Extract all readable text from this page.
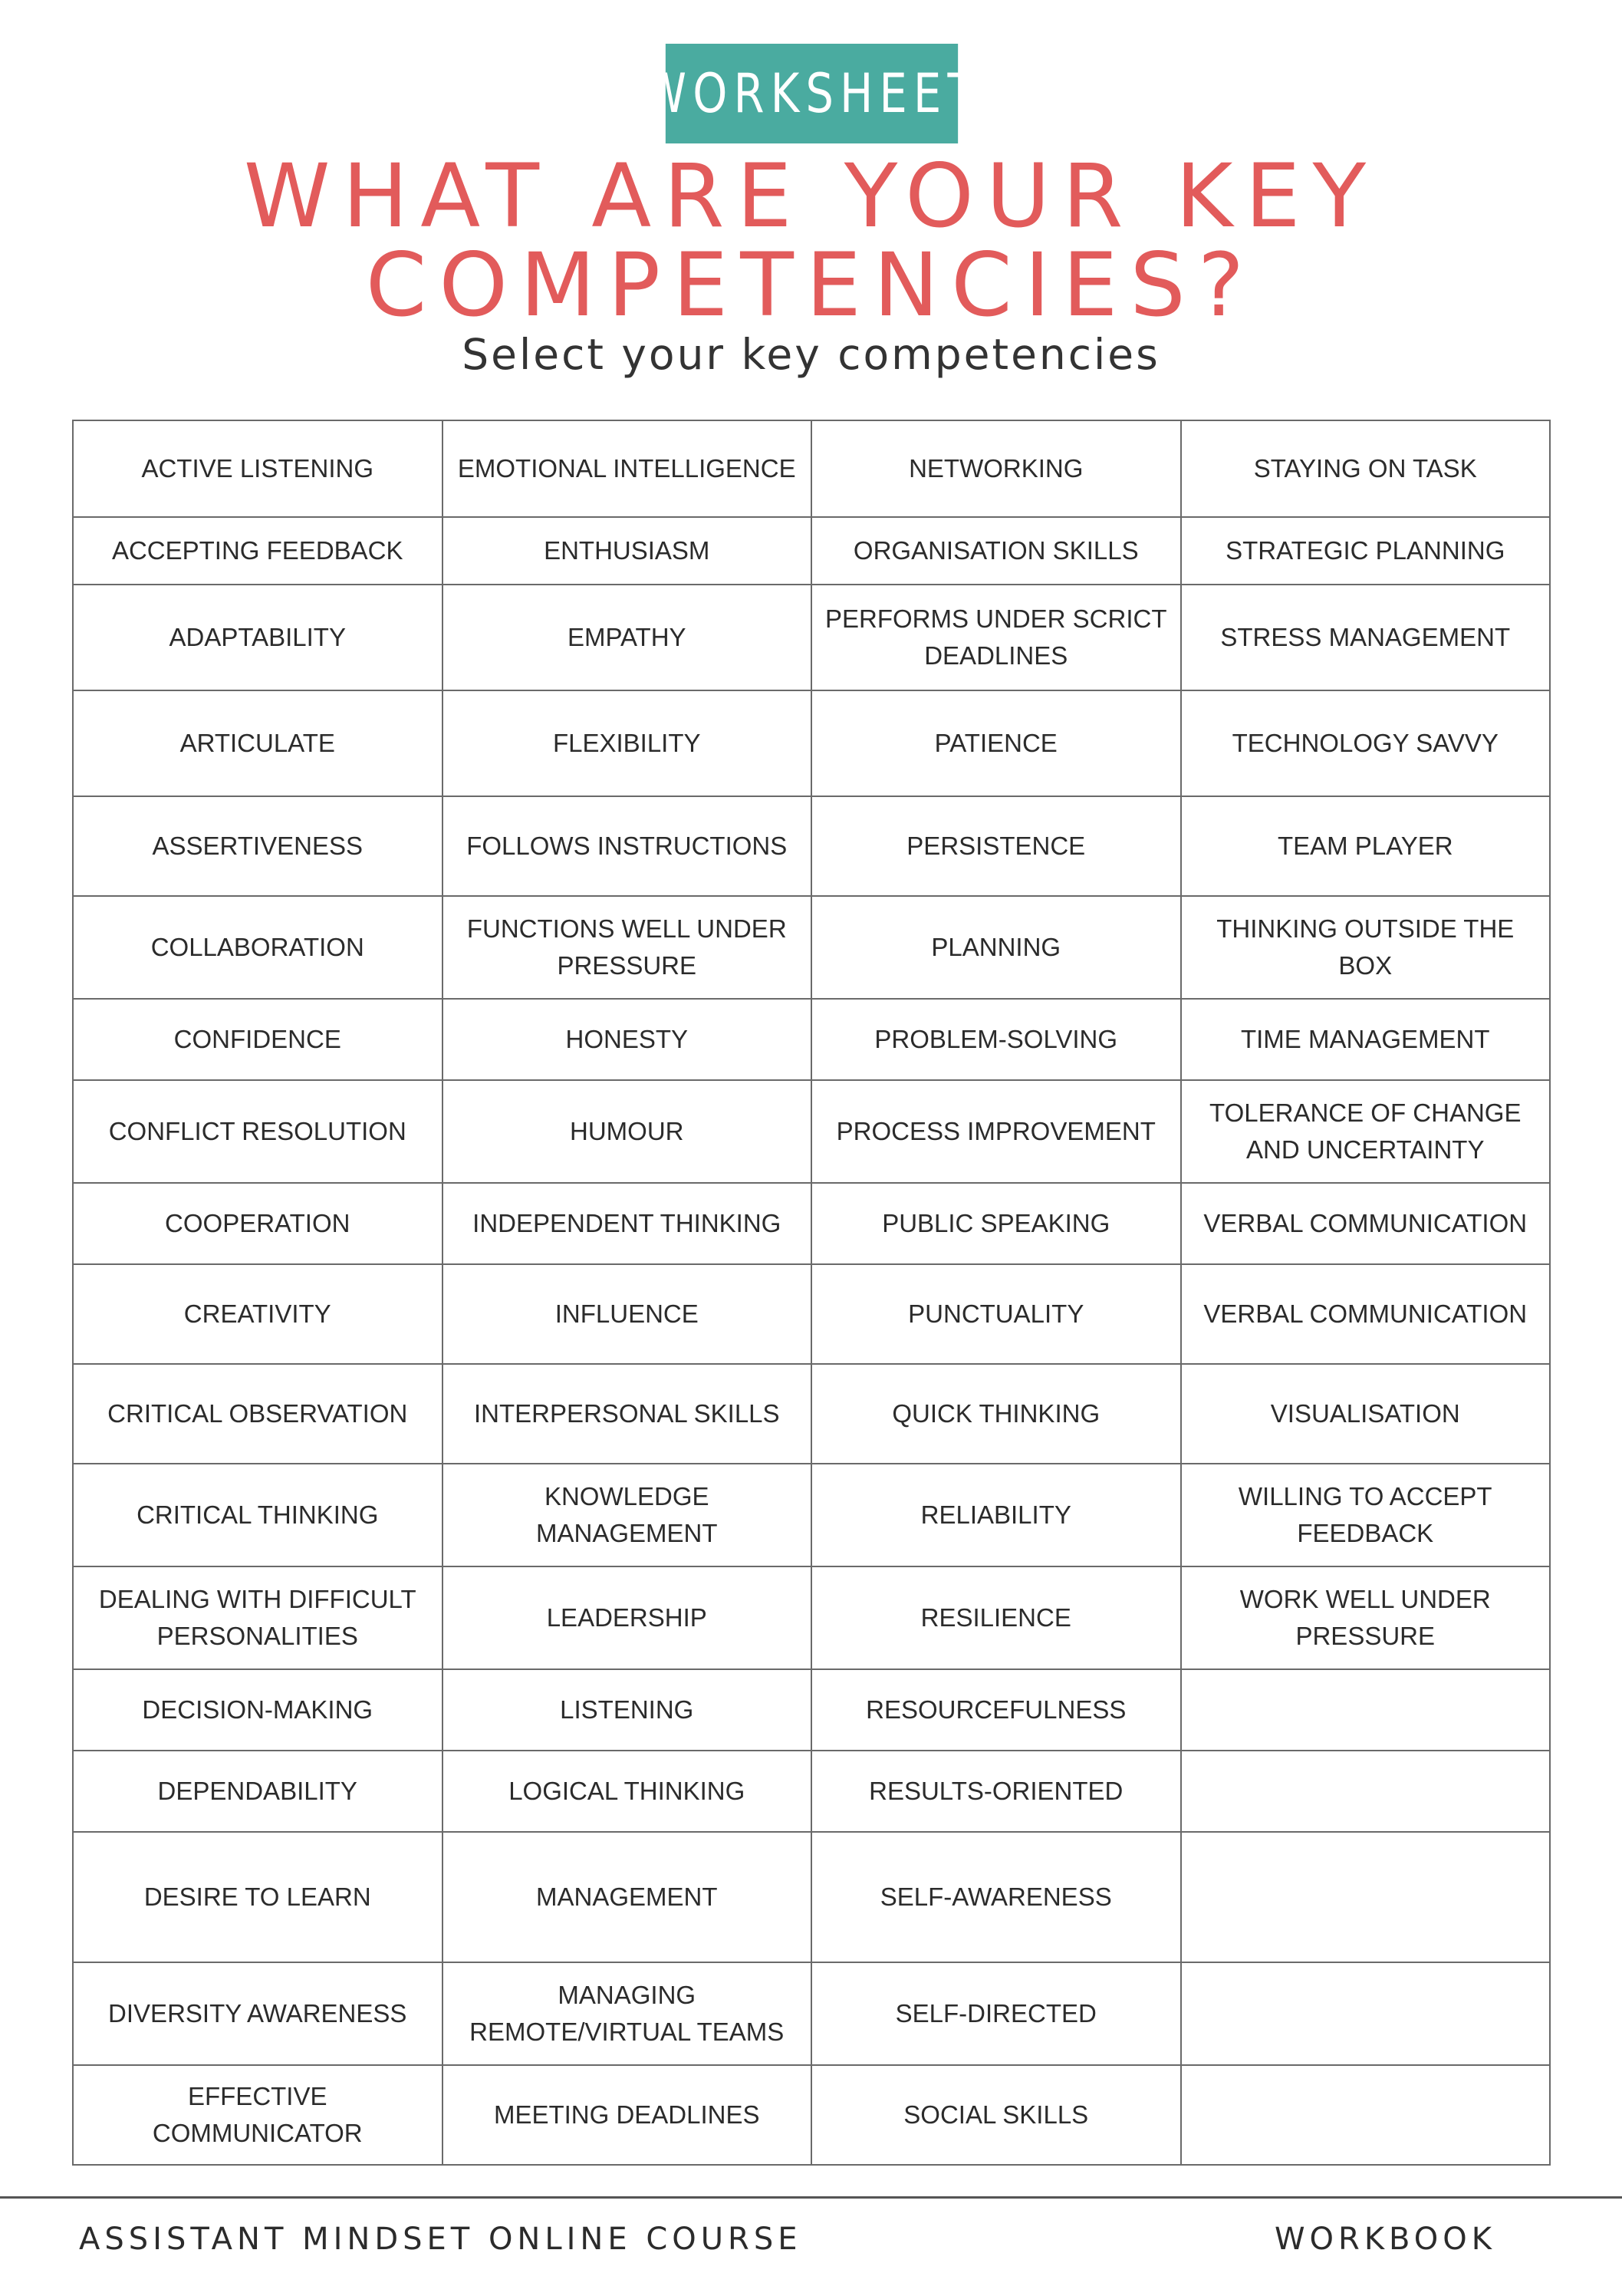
WORKSHEET
WHAT ARE YOUR KEY
COMPETENCIES?
Select your key competencies
ACTIVE LISTENING	EMOTIONAL INTELLIGENCE	NETWORKING	STAYING ON TASK
ACCEPTING FEEDBACK	ENTHUSIASM	ORGANISATION SKILLS	STRATEGIC PLANNING
ADAPTABILITY	EMPATHY	PERFORMS UNDER SCRICT DEADLINES	STRESS MANAGEMENT
ARTICULATE	FLEXIBILITY	PATIENCE	TECHNOLOGY SAVVY
ASSERTIVENESS	FOLLOWS INSTRUCTIONS	PERSISTENCE	TEAM PLAYER
COLLABORATION	FUNCTIONS WELL UNDER PRESSURE	PLANNING	THINKING OUTSIDE THE BOX
CONFIDENCE	HONESTY	PROBLEM-SOLVING	TIME MANAGEMENT
CONFLICT RESOLUTION	HUMOUR	PROCESS IMPROVEMENT	TOLERANCE OF CHANGE AND UNCERTAINTY
COOPERATION	INDEPENDENT THINKING	PUBLIC SPEAKING	VERBAL COMMUNICATION
CREATIVITY	INFLUENCE	PUNCTUALITY	VERBAL COMMUNICATION
CRITICAL OBSERVATION	INTERPERSONAL SKILLS	QUICK THINKING	VISUALISATION
CRITICAL THINKING	KNOWLEDGE MANAGEMENT	RELIABILITY	WILLING TO ACCEPT FEEDBACK
DEALING WITH DIFFICULT PERSONALITIES	LEADERSHIP	RESILIENCE	WORK WELL UNDER PRESSURE
DECISION-MAKING	LISTENING	RESOURCEFULNESS	
DEPENDABILITY	LOGICAL THINKING	RESULTS-ORIENTED	
DESIRE TO LEARN	MANAGEMENT	SELF-AWARENESS	
DIVERSITY AWARENESS	MANAGING REMOTE/VIRTUAL TEAMS	SELF-DIRECTED	
EFFECTIVE COMMUNICATOR	MEETING DEADLINES	SOCIAL SKILLS	
ASSISTANT MINDSET ONLINE COURSE	WORKBOOK
